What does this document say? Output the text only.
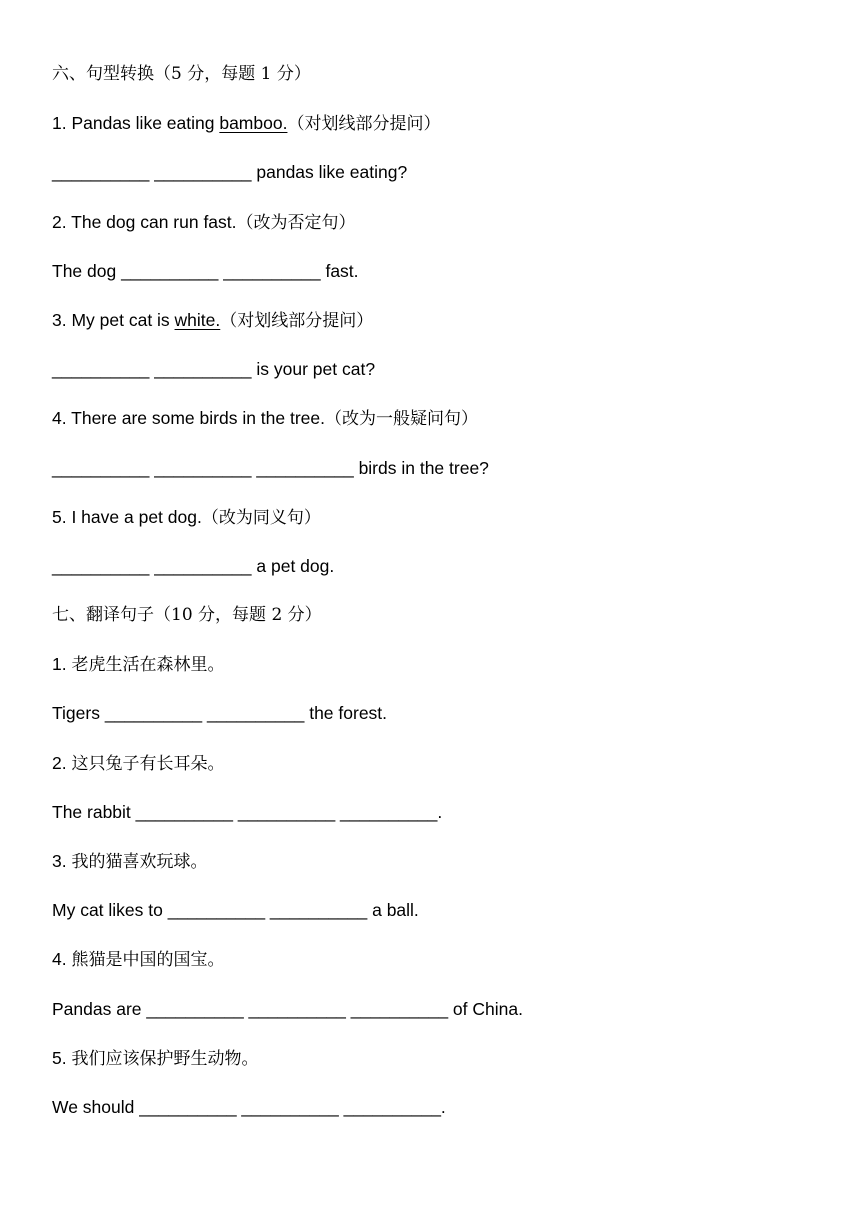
六、句型转换（5 分，每题 1 分）
1. Pandas like eating bamboo.（对划线部分提问）
__________ __________ pandas like eating?
2. The dog can run fast.（改为否定句）
The dog __________ __________ fast.
3. My pet cat is white.（对划线部分提问）
__________ __________ is your pet cat?
4. There are some birds in the tree.（改为一般疑问句）
__________ __________ __________ birds in the tree?
5. I have a pet dog.（改为同义句）
__________ __________ a pet dog.
七、翻译句子（10 分，每题 2 分）
1. 老虎生活在森林里。
Tigers __________ __________ the forest.
2. 这只兔子有长耳朵。
The rabbit __________ __________ __________.
3. 我的猫喜欢玩球。
My cat likes to __________ __________ a ball.
4. 熊猫是中国的国宝。
Pandas are __________ __________ __________ of China.
5. 我们应该保护野生动物。
We should __________ __________ __________.
